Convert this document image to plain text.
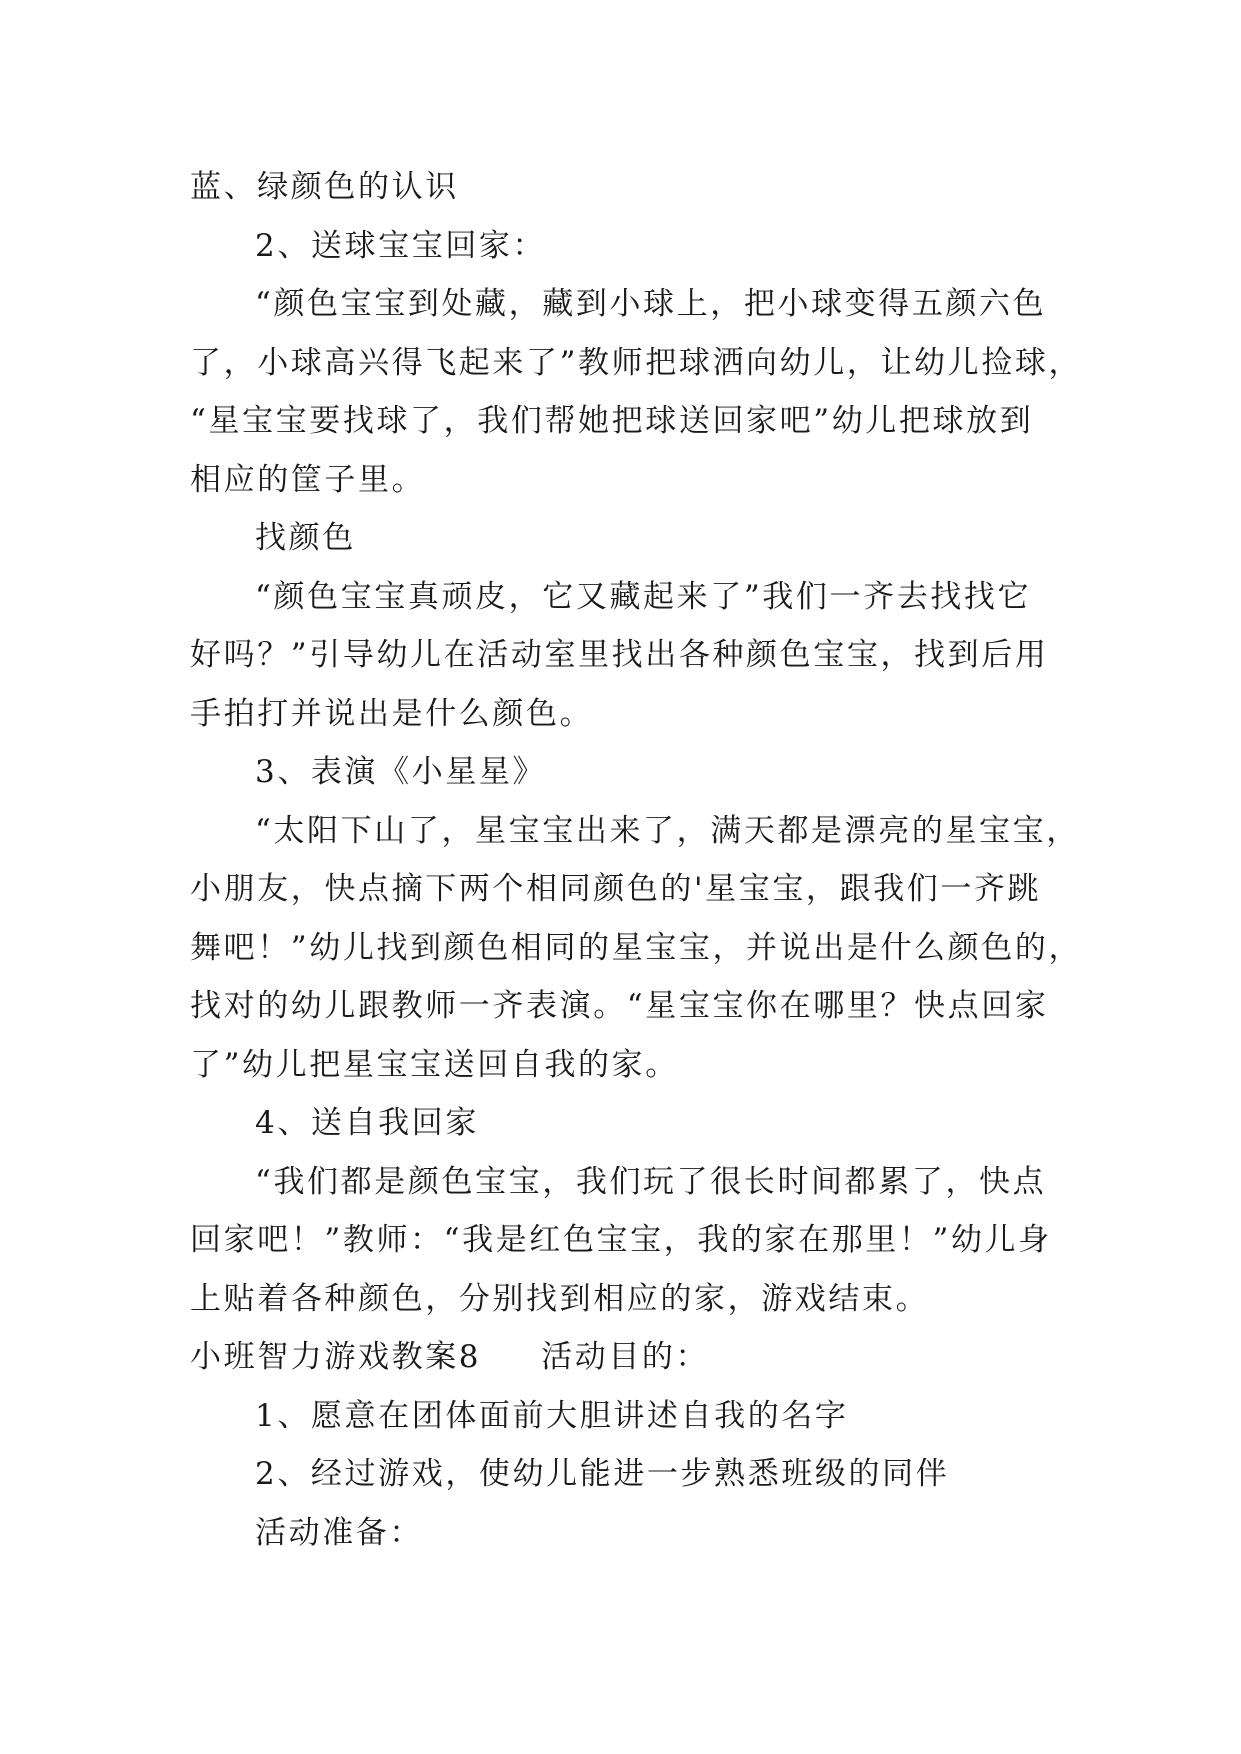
蓝、绿颜色的认识
2、送球宝宝回家：
“颜色宝宝到处藏，藏到小球上，把小球变得五颜六色
了，小球高兴得飞起来了”教师把球洒向幼儿，让幼儿捡球，
“星宝宝要找球了，我们帮她把球送回家吧”幼儿把球放到
相应的筐子里。
找颜色
“颜色宝宝真顽皮，它又藏起来了”我们一齐去找找它
好吗？”引导幼儿在活动室里找出各种颜色宝宝，找到后用
手拍打并说出是什么颜色。
3、表演《小星星》
“太阳下山了，星宝宝出来了，满天都是漂亮的星宝宝，
小朋友，快点摘下两个相同颜色的'星宝宝，跟我们一齐跳
舞吧！”幼儿找到颜色相同的星宝宝，并说出是什么颜色的，
找对的幼儿跟教师一齐表演。“星宝宝你在哪里？快点回家
了”幼儿把星宝宝送回自我的家。
4、送自我回家
“我们都是颜色宝宝，我们玩了很长时间都累了，快点
回家吧！”教师：“我是红色宝宝，我的家在那里！”幼儿身
上贴着各种颜色，分别找到相应的家，游戏结束。
小班智力游戏教案8 活动目的：
1、愿意在团体面前大胆讲述自我的名字
2、经过游戏，使幼儿能进一步熟悉班级的同伴
活动准备：
